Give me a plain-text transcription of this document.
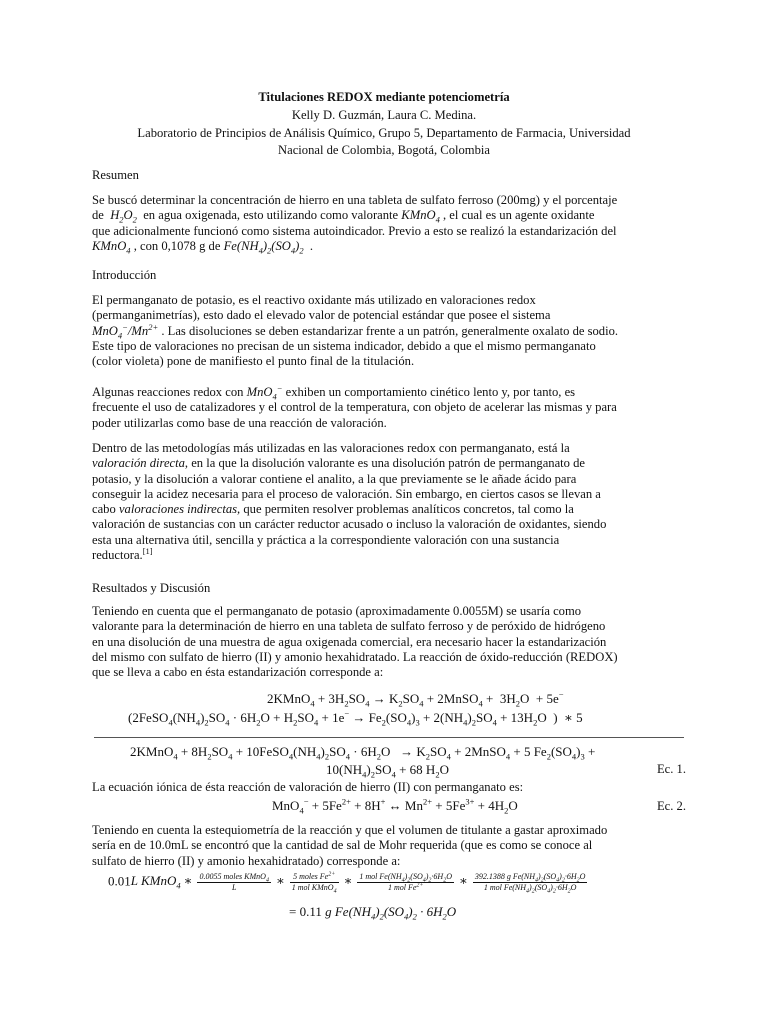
Titulaciones REDOX mediante potenciometría
Kelly D. Guzmán, Laura C. Medina.
Laboratorio de Principios de Análisis Químico, Grupo 5, Departamento de Farmacia, Universidad
Nacional de Colombia, Bogotá, Colombia
Resumen
Se buscó determinar la concentración de hierro en una tableta de sulfato ferroso (200mg) y el porcentaje
de $H_2O_2$ en agua oxigenada, esto utilizando como valorante KMnO$_4$ , el cual es un agente oxidante
que adicionalmente funcionó como sistema autoindicador. Previo a esto se realizó la estandarización del
KMnO$_4$ , con 0,1078 g de $Fe(NH_4)_2(SO_4)_2$ .
Introducción
El permanganato de potasio, es el reactivo oxidante más utilizado en valoraciones redox
(permanganimetrías), esto dado el elevado valor de potencial estándar que posee el sistema
$MnO_4^-/Mn^{2+}$ . Las disoluciones se deben estandarizar frente a un patrón, generalmente oxalato de sodio.
Este tipo de valoraciones no precisan de un sistema indicador, debido a que el mismo permanganato
(color violeta) pone de manifiesto el punto final de la titulación.
Algunas reacciones redox con MnO$_4$− exhiben un comportamiento cinético lento y, por tanto, es
frecuente el uso de catalizadores y el control de la temperatura, con objeto de acelerar las mismas y para
poder utilizarlas como base de una reacción de valoración.
Dentro de las metodologías más utilizadas en las valoraciones redox con permanganato, está la
valoración directa, en la que la disolución valorante es una disolución patrón de permanganato de
potasio, y la disolución a valorar contiene el analito, a la que previamente se le añade ácido para
conseguir la acidez necesaria para el proceso de valoración. Sin embargo, en ciertos casos se llevan a
cabo valoraciones indirectas, que permiten resolver problemas analíticos concretos, tal como la
valoración de sustancias con un carácter reductor acusado o incluso la valoración de oxidantes, siendo
esta una alternativa útil, sencilla y práctica a la correspondiente valoración con una sustancia
reductora.[1]
Resultados y Discusión
Teniendo en cuenta que el permanganato de potasio (aproximadamente 0.0055M) se usaría como
valorante para la determinación de hierro en una tableta de sulfato ferroso y de peróxido de hidrógeno
en una disolución de una muestra de agua oxigenada comercial, era necesario hacer la estandarización
del mismo con sulfato de hierro (II) y amonio hexahidratado. La reacción de óxido-reducción (REDOX)
que se lleva a cabo en ésta estandarización corresponde a:
2KMnO$_4$ + $3H_2SO_4 \to K_2SO_4$ + 2MnSO$_4$ +  $3H_2O + 5e^-$
($2FeSO_4(NH_4)_2SO_4 \cdot 6H_2O + H_2SO_4 + 1e^- \to Fe_2(SO_4)_3 + 2(NH_4)_2SO_4 + 13H_2O$  )  ∗ 5
2KMnO$_4$ + $8H_2SO_4$ + $10FeSO_4(NH_4)_2SO_4 \cdot 6H_2O \to K_2SO_4$ + 2MnSO$_4$ + 5 $Fe_2(SO_4)_3$ +
$10(NH_4)_2SO_4 + 68$ $H_2O$	Ec. 1.
La ecuación iónica de ésta reacción de valoración de hierro (II) con permanganato es:
$MnO_4^- + 5Fe^{2+} + 8H^+$ ↔ $Mn^{2+} + 5Fe^{3+} + 4H_2O$	Ec. 2.
Teniendo en cuenta la estequiometría de la reacción y que el volumen de titulante a gastar aproximado
sería en de 10.0mL se encontró que la cantidad de sal de Mohr requerida (que es como se conoce al
sulfato de hierro (II) y amonio hexahidratado) corresponde a:
0.01L KMnO$_4$ ∗ $\frac{0.0055 moles KMnO_4}{L}$ ∗ $\frac{5 moles Fe^{2+}}{1 mol KMnO_4}$ ∗ $\frac{1 mol Fe(NH_4)_2(SO_4)_2\cdot 6H_2O}{1 mol Fe^{2+}}$ ∗ $\frac{392.1388 g Fe(NH_4)_2(SO_4)_2\cdot 6H_2O}{1 mol Fe(NH_4)_2(SO_4)_2\cdot 6H_2O}$
= 0.11 g $Fe(NH_4)_2(SO_4)_2 \cdot 6H_2O$
